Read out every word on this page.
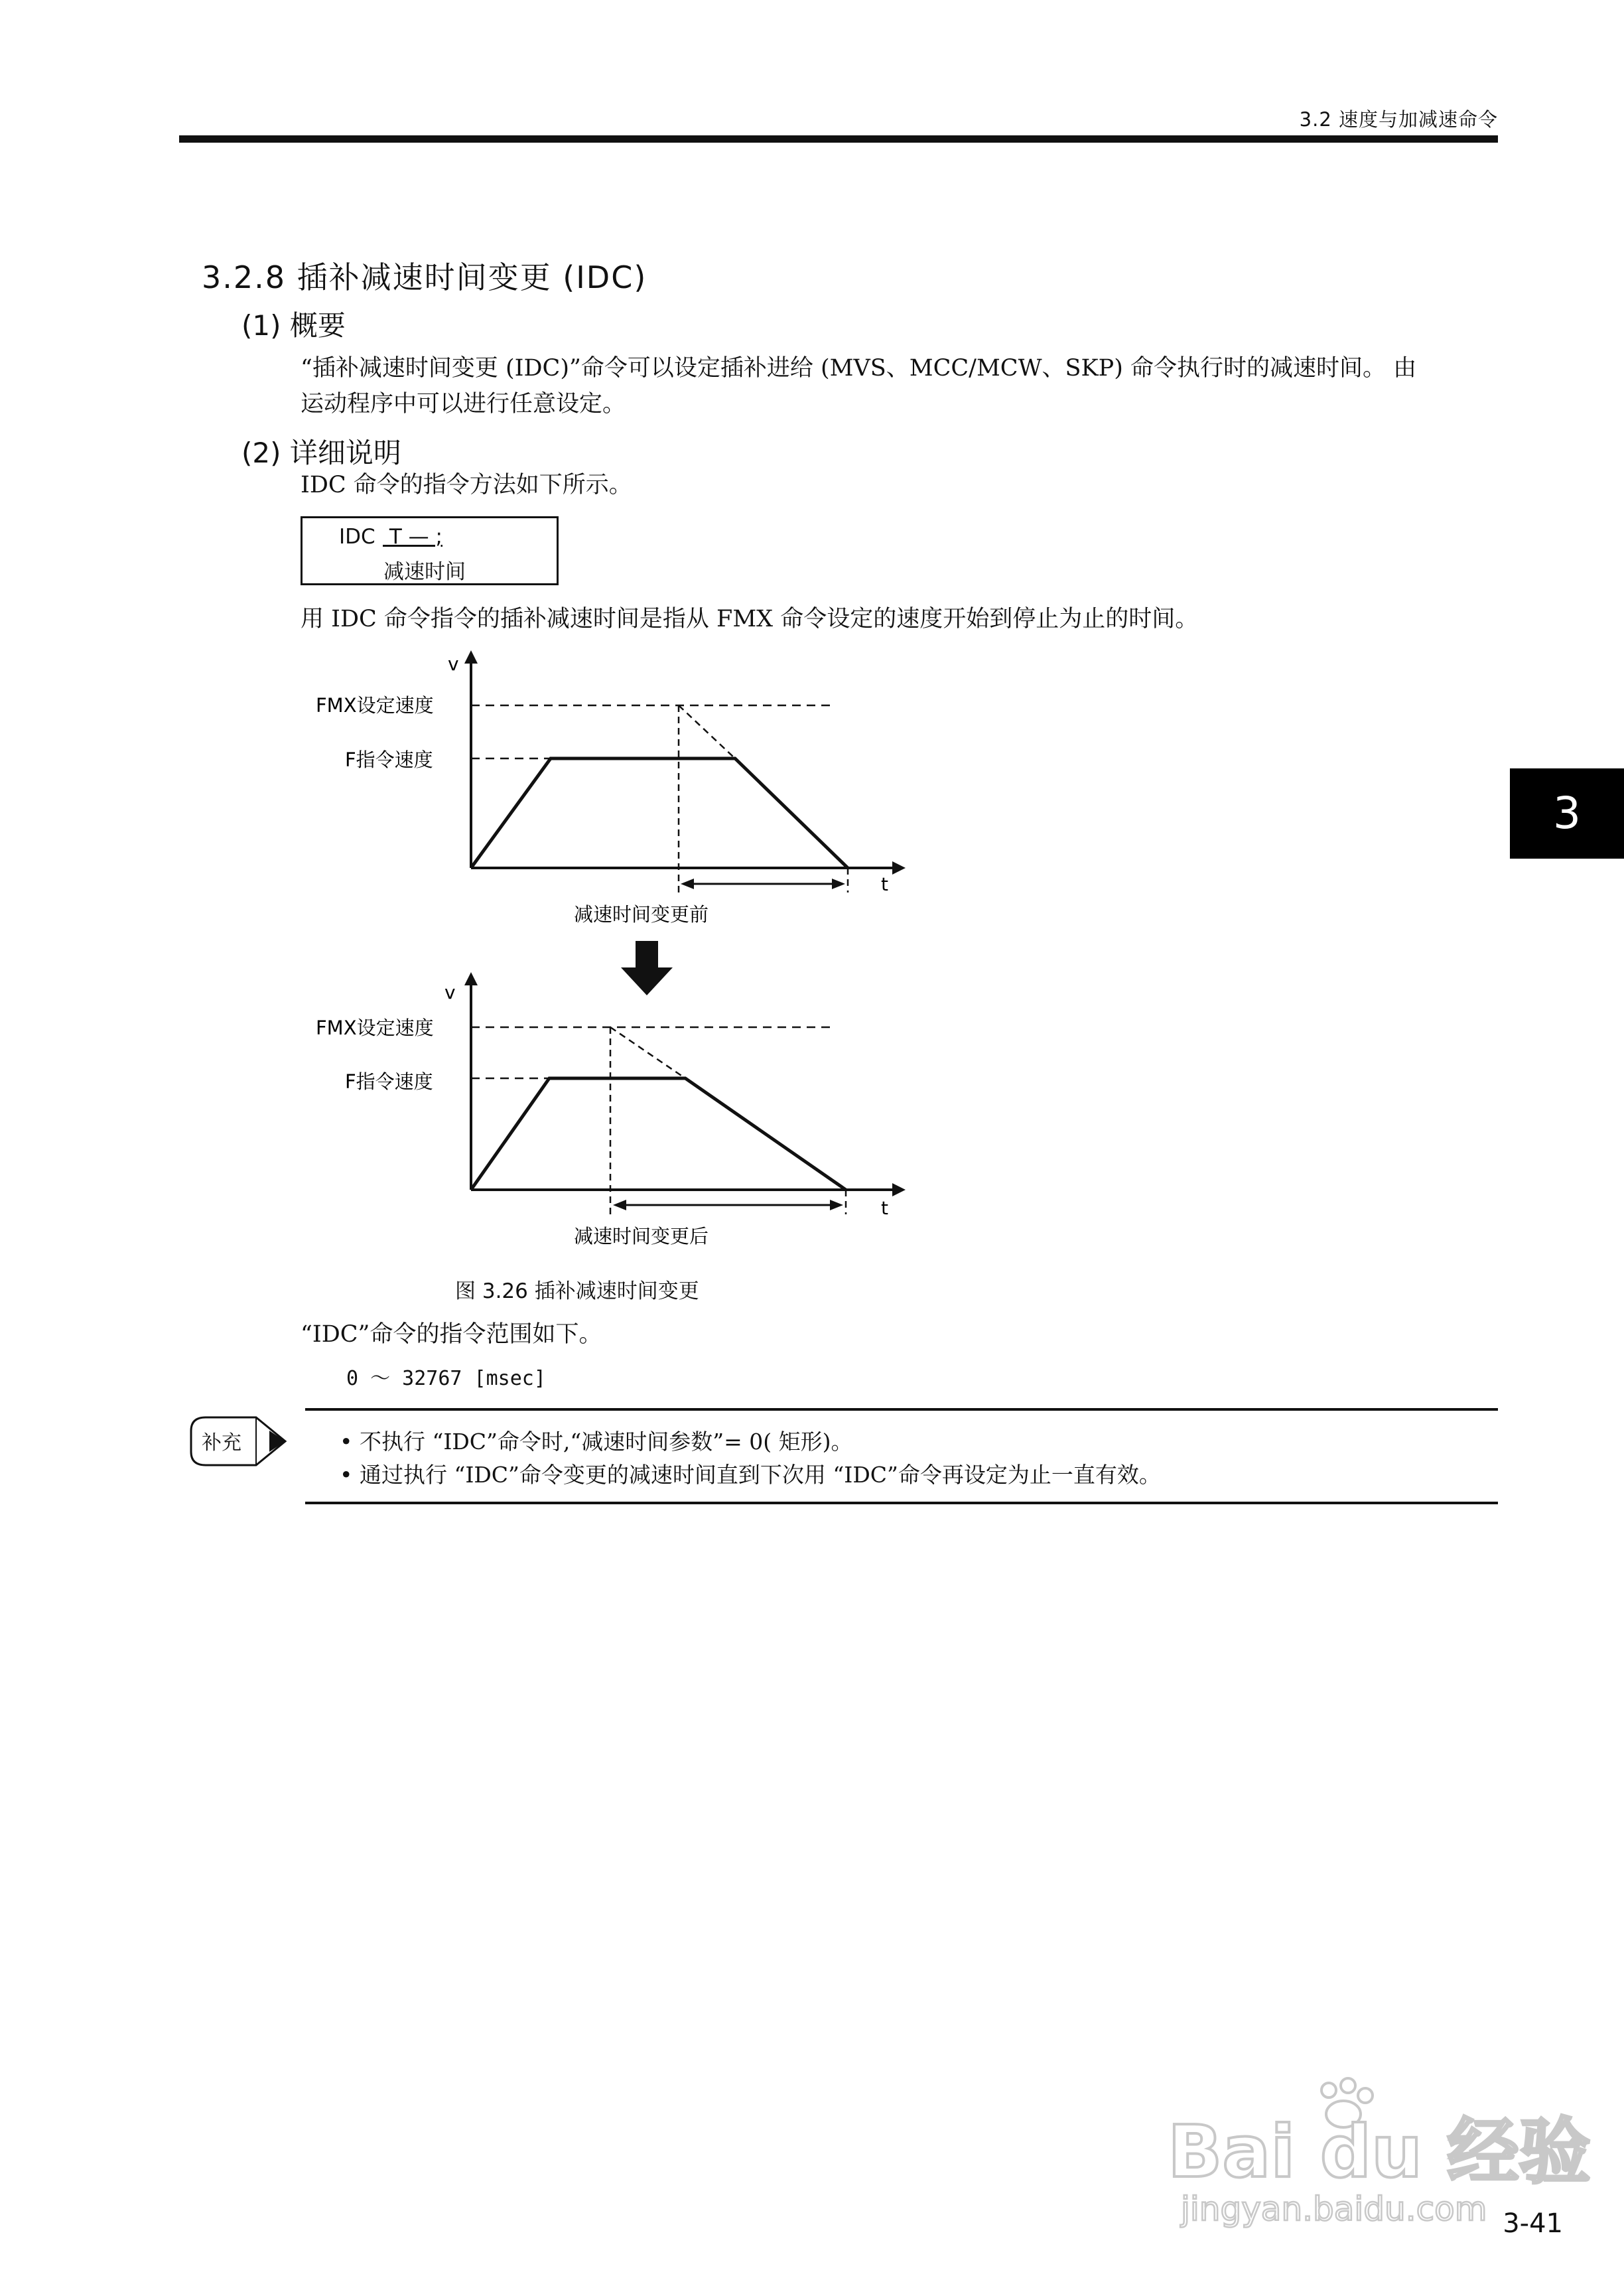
3.2 速度与加减速命令
3.2.8 插补减速时间变更 (IDC)
(1) 概要
“插补减速时间变更 (IDC)”命令可以设定插补进给 (MVS、MCC/MCW、SKP) 命令执行时的减速时间。 由
运动程序中可以进行任意设定。
(2) 详细说明
IDC 命令的指令方法如下所示。
IDC T — ;
减速时间
用 IDC 命令指令的插补减速时间是指从 FMX 命令设定的速度开始到停止为止的时间。
v
t
FMX设定速度
F指令速度
减速时间变更前
v
t
FMX设定速度
F指令速度
减速时间变更后
图 3.26 插补减速时间变更
“IDC”命令的指令范围如下。
0 ～ 32767 [msec]
补充	• 不执行 “IDC”命令时,“减速时间参数”= 0( 矩形)。
• 通过执行 “IDC”命令变更的减速时间直到下次用 “IDC”命令再设定为止一直有效。
3
Bai du 经验
jingyan.baidu.com 3-41
